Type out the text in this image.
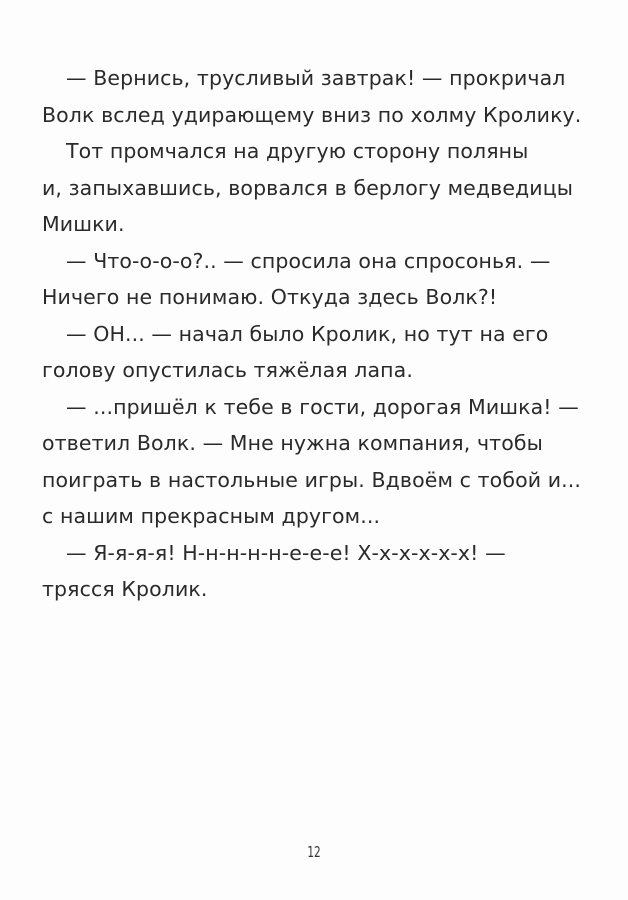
— Вернись, трусливый завтрак! — прокричал
Волк вслед удирающему вниз по холму Кролику.
Тот промчался на другую сторону поляны
и, запыхавшись, ворвался в берлогу медведицы
Мишки.
— Что-о-о-о?.. — спросила она спросонья. —
Ничего не понимаю. Откуда здесь Волк?!
— ОН... — начал было Кролик, но тут на его
голову опустилась тяжёлая лапа.
— ...пришёл к тебе в гости, дорогая Мишка! —
ответил Волк. — Мне нужна компания, чтобы
поиграть в настольные игры. Вдвоём с тобой и...
с нашим прекрасным другом...
— Я-я-я-я! Н-н-н-н-н-е-е-е! Х-х-х-х-х-х! —
трясся Кролик.
12
